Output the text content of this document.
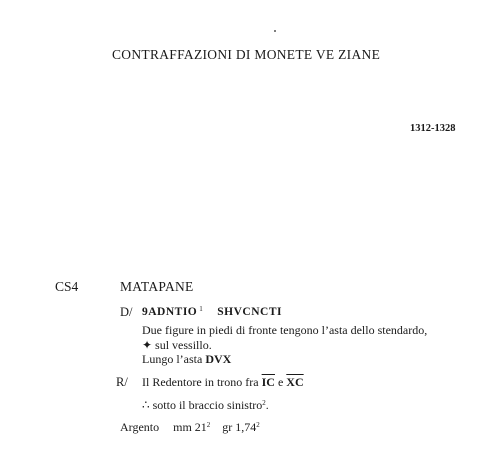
CONTRAFFAZIONI DI MONETE VE ZIANE
1312-1328
CS4	MATAPANE
D/ 9ADNTIO $^1$ SHVCNCTI
Due figure in piedi di fronte tengono l’asta dello stendardo,
✦ sul vessillo.
Lungo l’asta DVX
R/ Il Redentore in trono fra $\overline{IC}$ e $\overline{XC}$
∴ sotto il braccio sinistro$^2$.
Argento mm $21^2$ gr 1,74$^2$
